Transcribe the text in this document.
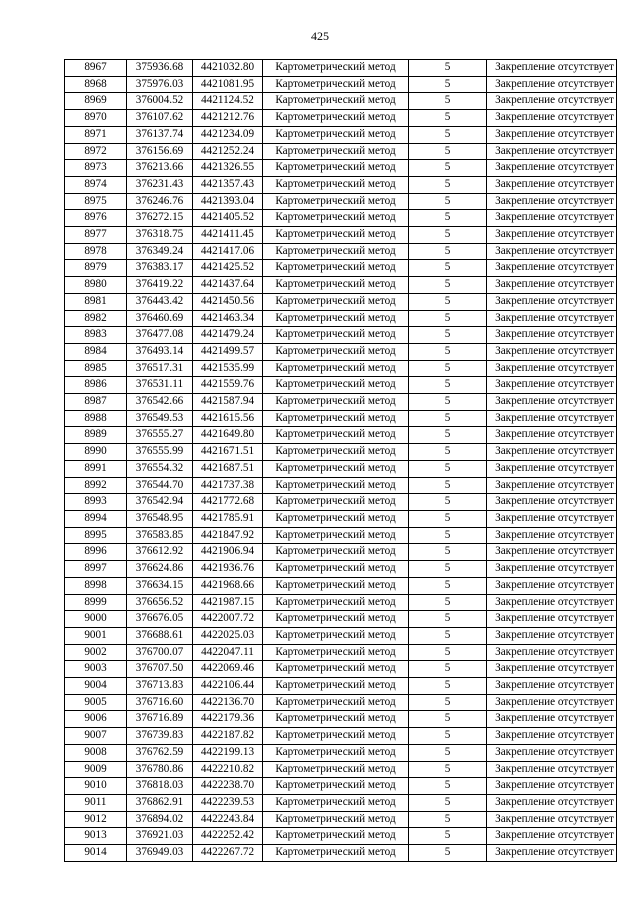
425
8967	375936.68	4421032.80	Картометрический метод	5	Закрепление отсутствует
8968	375976.03	4421081.95	Картометрический метод	5	Закрепление отсутствует
8969	376004.52	4421124.52	Картометрический метод	5	Закрепление отсутствует
8970	376107.62	4421212.76	Картометрический метод	5	Закрепление отсутствует
8971	376137.74	4421234.09	Картометрический метод	5	Закрепление отсутствует
8972	376156.69	4421252.24	Картометрический метод	5	Закрепление отсутствует
8973	376213.66	4421326.55	Картометрический метод	5	Закрепление отсутствует
8974	376231.43	4421357.43	Картометрический метод	5	Закрепление отсутствует
8975	376246.76	4421393.04	Картометрический метод	5	Закрепление отсутствует
8976	376272.15	4421405.52	Картометрический метод	5	Закрепление отсутствует
8977	376318.75	4421411.45	Картометрический метод	5	Закрепление отсутствует
8978	376349.24	4421417.06	Картометрический метод	5	Закрепление отсутствует
8979	376383.17	4421425.52	Картометрический метод	5	Закрепление отсутствует
8980	376419.22	4421437.64	Картометрический метод	5	Закрепление отсутствует
8981	376443.42	4421450.56	Картометрический метод	5	Закрепление отсутствует
8982	376460.69	4421463.34	Картометрический метод	5	Закрепление отсутствует
8983	376477.08	4421479.24	Картометрический метод	5	Закрепление отсутствует
8984	376493.14	4421499.57	Картометрический метод	5	Закрепление отсутствует
8985	376517.31	4421535.99	Картометрический метод	5	Закрепление отсутствует
8986	376531.11	4421559.76	Картометрический метод	5	Закрепление отсутствует
8987	376542.66	4421587.94	Картометрический метод	5	Закрепление отсутствует
8988	376549.53	4421615.56	Картометрический метод	5	Закрепление отсутствует
8989	376555.27	4421649.80	Картометрический метод	5	Закрепление отсутствует
8990	376555.99	4421671.51	Картометрический метод	5	Закрепление отсутствует
8991	376554.32	4421687.51	Картометрический метод	5	Закрепление отсутствует
8992	376544.70	4421737.38	Картометрический метод	5	Закрепление отсутствует
8993	376542.94	4421772.68	Картометрический метод	5	Закрепление отсутствует
8994	376548.95	4421785.91	Картометрический метод	5	Закрепление отсутствует
8995	376583.85	4421847.92	Картометрический метод	5	Закрепление отсутствует
8996	376612.92	4421906.94	Картометрический метод	5	Закрепление отсутствует
8997	376624.86	4421936.76	Картометрический метод	5	Закрепление отсутствует
8998	376634.15	4421968.66	Картометрический метод	5	Закрепление отсутствует
8999	376656.52	4421987.15	Картометрический метод	5	Закрепление отсутствует
9000	376676.05	4422007.72	Картометрический метод	5	Закрепление отсутствует
9001	376688.61	4422025.03	Картометрический метод	5	Закрепление отсутствует
9002	376700.07	4422047.11	Картометрический метод	5	Закрепление отсутствует
9003	376707.50	4422069.46	Картометрический метод	5	Закрепление отсутствует
9004	376713.83	4422106.44	Картометрический метод	5	Закрепление отсутствует
9005	376716.60	4422136.70	Картометрический метод	5	Закрепление отсутствует
9006	376716.89	4422179.36	Картометрический метод	5	Закрепление отсутствует
9007	376739.83	4422187.82	Картометрический метод	5	Закрепление отсутствует
9008	376762.59	4422199.13	Картометрический метод	5	Закрепление отсутствует
9009	376780.86	4422210.82	Картометрический метод	5	Закрепление отсутствует
9010	376818.03	4422238.70	Картометрический метод	5	Закрепление отсутствует
9011	376862.91	4422239.53	Картометрический метод	5	Закрепление отсутствует
9012	376894.02	4422243.84	Картометрический метод	5	Закрепление отсутствует
9013	376921.03	4422252.42	Картометрический метод	5	Закрепление отсутствует
9014	376949.03	4422267.72	Картометрический метод	5	Закрепление отсутствует
